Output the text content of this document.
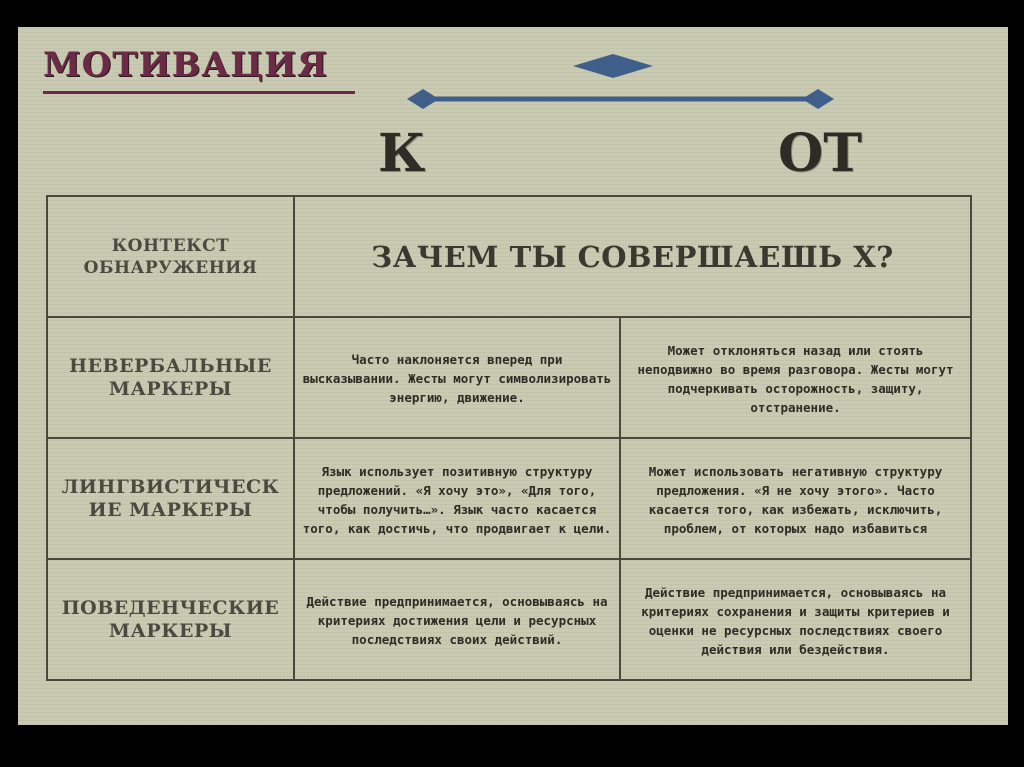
МОТИВАЦИЯ
К	ОТ
КОНТЕКСТ ОБНАРУЖЕНИЯ	ЗАЧЕМ ТЫ СОВЕРШАЕШЬ Х?	
НЕВЕРБАЛЬНЫЕ МАРКЕРЫ	Часто наклоняется вперед при высказывании. Жесты могут символизировать энергию, движение.	Может отклоняться назад или стоять неподвижно во время разговора. Жесты могут подчеркивать осторожность, защиту, отстранение.
ЛИНГВИСТИЧЕСКИЕ МАРКЕРЫ	Язык использует позитивную структуру предложений. «Я хочу это», «Для того, чтобы получить…». Язык часто касается того, как достичь, что продвигает к цели.	Может использовать негативную структуру предложения. «Я не хочу этого». Часто касается того, как избежать, исключить, проблем, от которых надо избавиться
ПОВЕДЕНЧЕСКИЕ МАРКЕРЫ	Действие предпринимается, основываясь на критериях достижения цели и ресурсных последствиях своих действий.	Действие предпринимается, основываясь на критериях сохранения и защиты критериев и оценки не ресурсных последствиях своего действия или бездействия.
